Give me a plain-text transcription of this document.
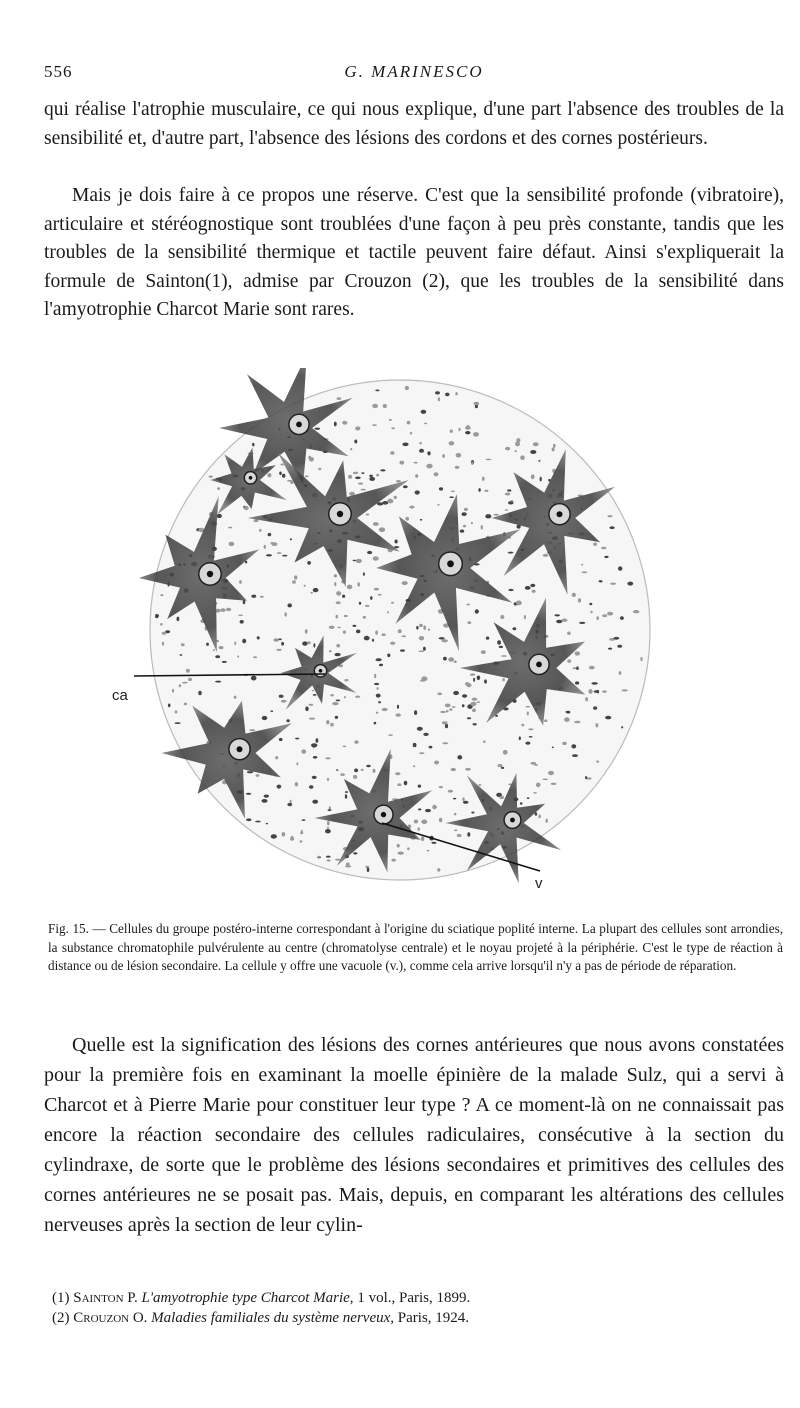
556	G. MARINESCO

qui réalise l'atrophie musculaire, ce qui nous explique, d'une part l'absence des troubles de la sensibilité et, d'autre part, l'absence des lésions des cordons et des cornes postérieurs.

Mais je dois faire à ce propos une réserve. C'est que la sensibilité profonde (vibratoire), articulaire et stéréognostique sont troublées d'une façon à peu près constante, tandis que les troubles de la sensibilité thermique et tactile peuvent faire défaut. Ainsi s'expliquerait la formule de Sainton(1), admise par Crouzon (2), que les troubles de la sensibilité dans l'amyotrophie Charcot Marie sont rares.

ca
v

Fig. 15. — Cellules du groupe postéro-interne correspondant à l'origine du sciatique poplité interne. La plupart des cellules sont arrondies, la substance chromatophile pulvérulente au centre (chromatolyse centrale) et le noyau projeté à la périphérie. C'est le type de réaction à distance ou de lésion secondaire. La cellule y offre une vacuole (v.), comme cela arrive lorsqu'il n'y a pas de période de réparation.

Quelle est la signification des lésions des cornes antérieures que nous avons constatées pour la première fois en examinant la moelle épinière de la malade Sulz, qui a servi à Charcot et à Pierre Marie pour constituer leur type ? A ce moment-là on ne connaissait pas encore la réaction secondaire des cellules radiculaires, consécutive à la section du cylindraxe, de sorte que le problème des lésions secondaires et primitives des cellules des cornes antérieures ne se posait pas. Mais, depuis, en comparant les altérations des cellules nerveuses après la section de leur cylin-

(1) Sainton P. L'amyotrophie type Charcot Marie, 1 vol., Paris, 1899.

(2) Crouzon O. Maladies familiales du système nerveux, Paris, 1924.
